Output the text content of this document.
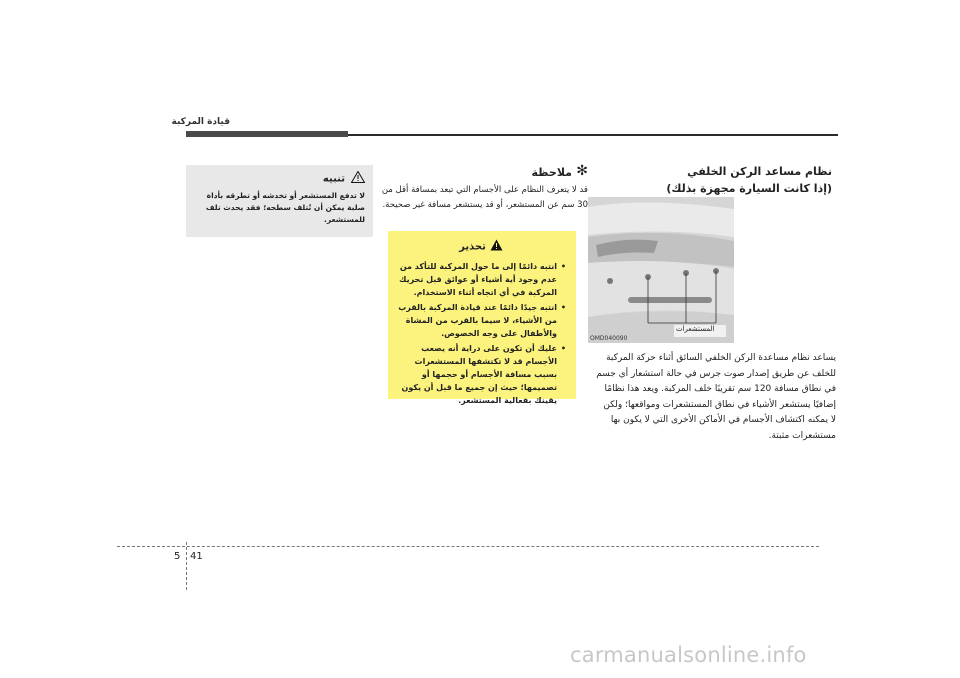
قيادة المركبة
نظام مساعد الركن الخلفي
(إذا كانت السيارة مجهزة بذلك)
المستشعرات
OMD040090
يساعد نظام مساعدة الركن الخلفي السائق أثناء حركة المركبة للخلف عن طريق إصدار صوت جرس في حالة استشعار أي جسم في نطاق مسافة 120 سم تقريبًا خلف المركبة. ويعد هذا نظامًا إضافيًا يستشعر الأشياء في نطاق المستشعرات ومواقعها؛ ولكن لا يمكنه اكتشاف الأجسام في الأماكن الأخرى التي لا يكون بها مستشعرات مثبتة.
✻
ملاحظة
قد لا يتعرف النظام على الأجسام التي تبعد بمسافة أقل من 30 سم عن المستشعر، أو قد يستشعر مسافة غير صحيحة.
تحذير
•
انتبه دائمًا إلى ما حول المركبة للتأكد من عدم وجود أية أشياء أو عوائق قبل تحريك المركبة في أي اتجاه أثناء الاستخدام.
•
انتبه جيدًا دائمًا عند قيادة المركبة بالقرب من الأشياء، لا سيما بالقرب من المشاة والأطفال على وجه الخصوص.
•
عليك أن تكون على دراية أنه يصعب الأجسام قد لا تكتشفها المستشعرات بسبب مسافة الأجسام أو حجمها أو تصميمها؛ حيث إن جميع ما قبل أن يكون يقينك بفعالية المستشعر.
تنبيه
لا تدفع المستشعر أو تخدشه أو تطرقه بأداة صلبة يمكن أن تُتلف سطحه؛ فقد يحدث تلف للمستشعر.
5 41
carmanualsonline.info
